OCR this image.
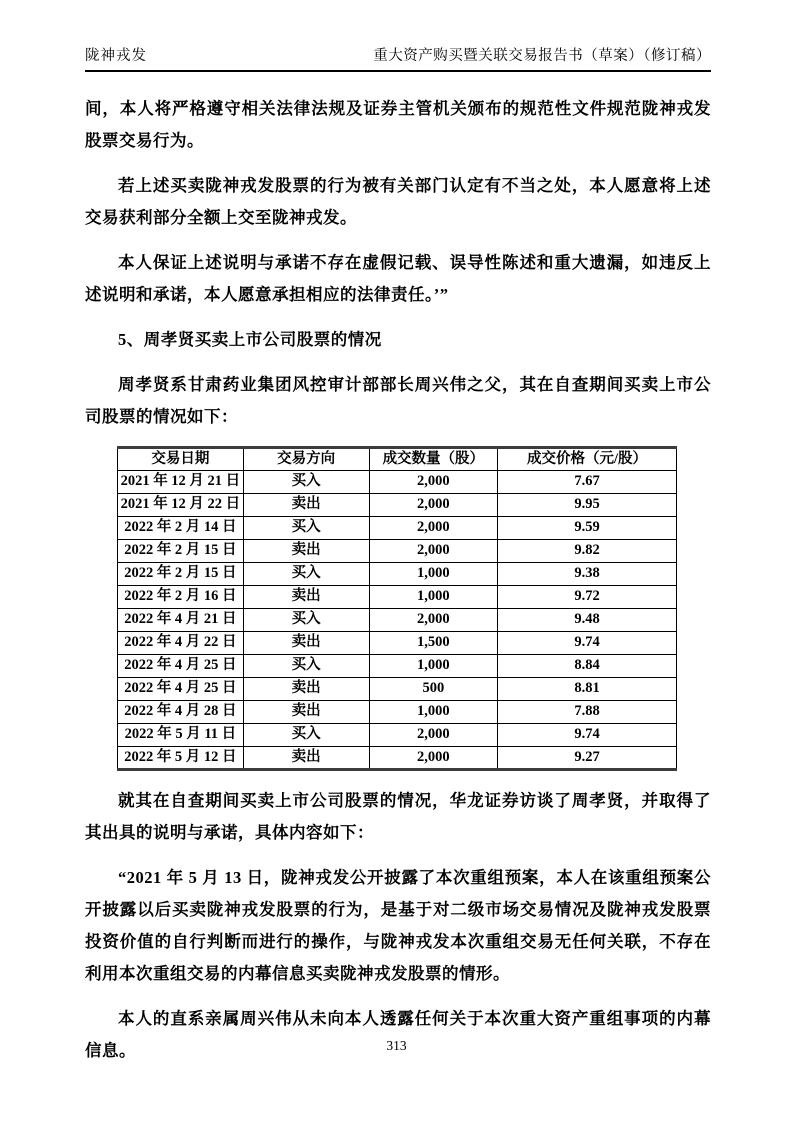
陇神戎发	重大资产购买暨关联交易报告书（草案）（修订稿）

间，本人将严格遵守相关法律法规及证券主管机关颁布的规范性文件规范陇神戎发股票交易行为。

若上述买卖陇神戎发股票的行为被有关部门认定有不当之处，本人愿意将上述交易获利部分全额上交至陇神戎发。

本人保证上述说明与承诺不存在虚假记载、误导性陈述和重大遗漏，如违反上述说明和承诺，本人愿意承担相应的法律责任。’”

5、周孝贤买卖上市公司股票的情况

周孝贤系甘肃药业集团风控审计部部长周兴伟之父，其在自查期间买卖上市公司股票的情况如下：

交易日期	交易方向	成交数量（股）	成交价格（元/股）
2021 年 12 月 21 日	买入	2,000	7.67
2021 年 12 月 22 日	卖出	2,000	9.95
2022 年 2 月 14 日	买入	2,000	9.59
2022 年 2 月 15 日	卖出	2,000	9.82
2022 年 2 月 15 日	买入	1,000	9.38
2022 年 2 月 16 日	卖出	1,000	9.72
2022 年 4 月 21 日	买入	2,000	9.48
2022 年 4 月 22 日	卖出	1,500	9.74
2022 年 4 月 25 日	买入	1,000	8.84
2022 年 4 月 25 日	卖出	500	8.81
2022 年 4 月 28 日	卖出	1,000	7.88
2022 年 5 月 11 日	买入	2,000	9.74
2022 年 5 月 12 日	卖出	2,000	9.27

就其在自查期间买卖上市公司股票的情况，华龙证券访谈了周孝贤，并取得了其出具的说明与承诺，具体内容如下：

“2021 年 5 月 13 日，陇神戎发公开披露了本次重组预案，本人在该重组预案公开披露以后买卖陇神戎发股票的行为，是基于对二级市场交易情况及陇神戎发股票投资价值的自行判断而进行的操作，与陇神戎发本次重组交易无任何关联，不存在利用本次重组交易的内幕信息买卖陇神戎发股票的情形。

本人的直系亲属周兴伟从未向本人透露任何关于本次重大资产重组事项的内幕信息。	313
